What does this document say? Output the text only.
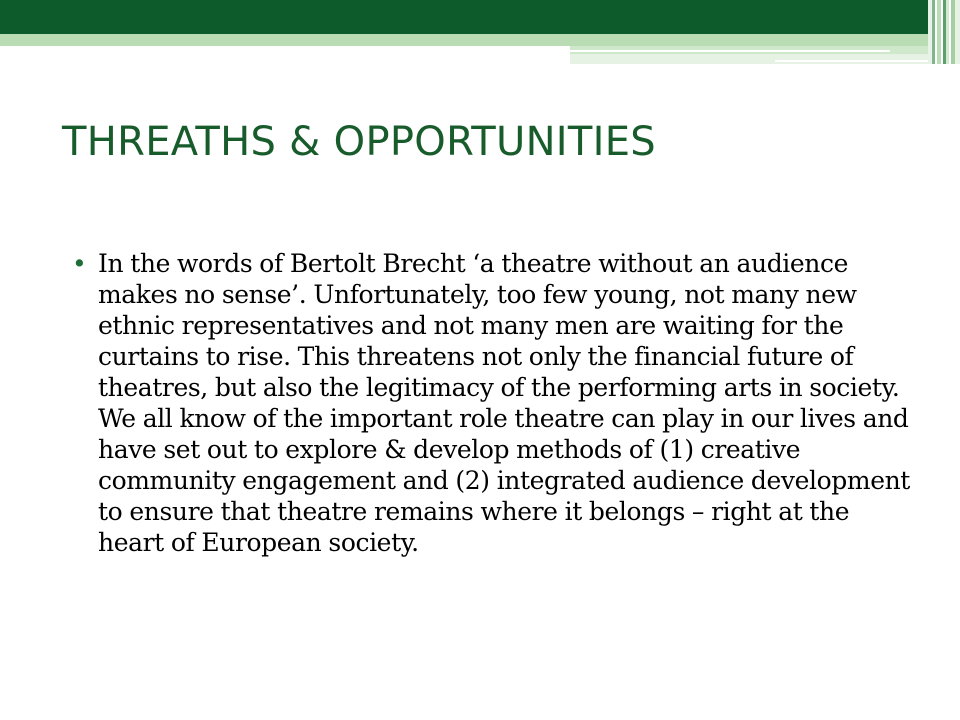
THREATHS & OPPORTUNITIES
• In the words of Bertolt Brecht ‘a theatre without an audience makes no sense’. Unfortunately, too few young, not many new ethnic representatives and not many men are waiting for the curtains to rise. This threatens not only the financial future of theatres, but also the legitimacy of the performing arts in society. We all know of the important role theatre can play in our lives and have set out to explore & develop methods of (1) creative community engagement and (2) integrated audience development to ensure that theatre remains where it belongs – right at the heart of European society.
